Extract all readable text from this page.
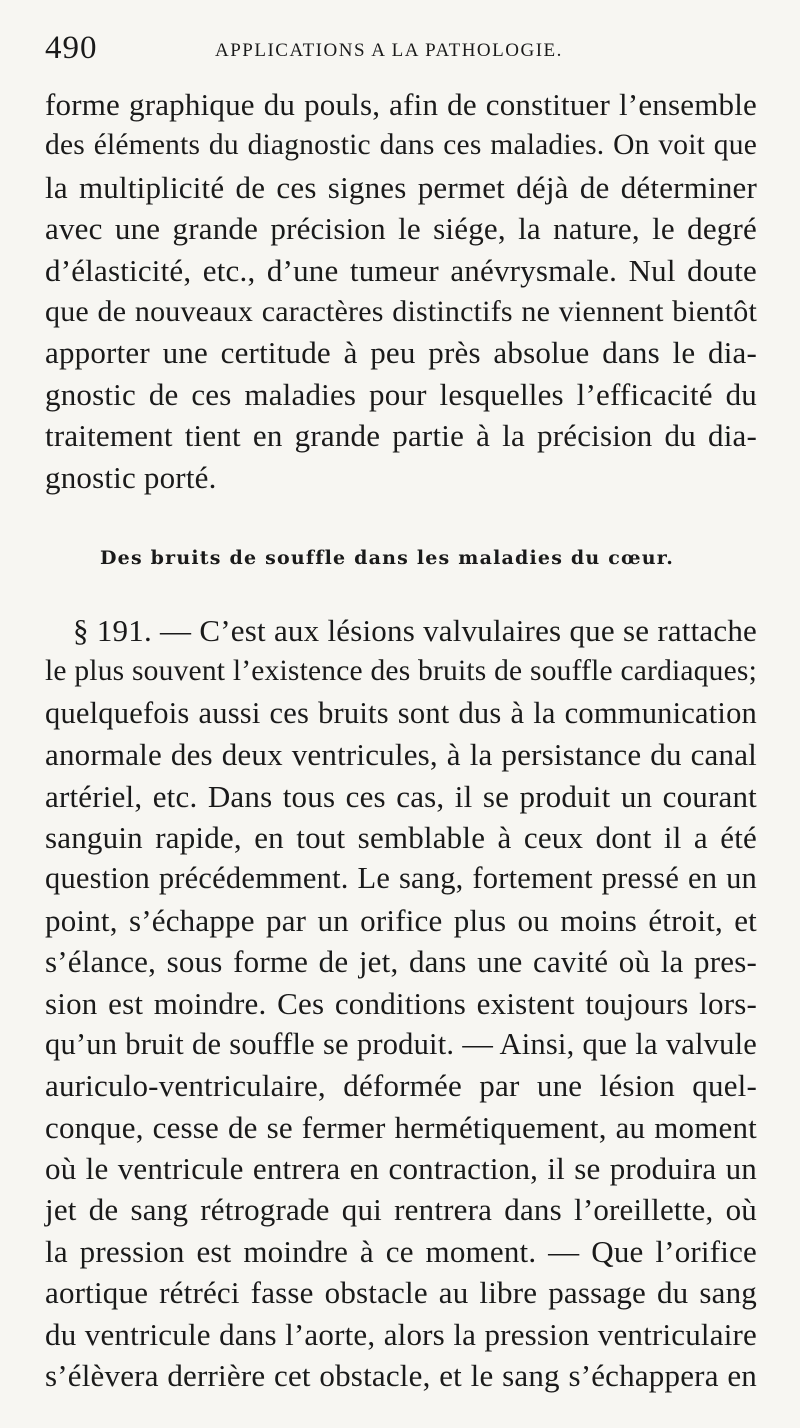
490	APPLICATIONS A LA PATHOLOGIE.
forme graphique du pouls, afin de constituer l’ensemble
des éléments du diagnostic dans ces maladies. On voit que
la multiplicité de ces signes permet déjà de déterminer
avec une grande précision le siége, la nature, le degré
d’élasticité, etc., d’une tumeur anévrysmale. Nul doute
que de nouveaux caractères distinctifs ne viennent bientôt
apporter une certitude à peu près absolue dans le dia-
gnostic de ces maladies pour lesquelles l’efficacité du
traitement tient en grande partie à la précision du dia-
gnostic porté.
Des bruits de souffle dans les maladies du cœur.
§ 191. — C’est aux lésions valvulaires que se rattache
le plus souvent l’existence des bruits de souffle cardiaques;
quelquefois aussi ces bruits sont dus à la communication
anormale des deux ventricules, à la persistance du canal
artériel, etc. Dans tous ces cas, il se produit un courant
sanguin rapide, en tout semblable à ceux dont il a été
question précédemment. Le sang, fortement pressé en un
point, s’échappe par un orifice plus ou moins étroit, et
s’élance, sous forme de jet, dans une cavité où la pres-
sion est moindre. Ces conditions existent toujours lors-
qu’un bruit de souffle se produit. — Ainsi, que la valvule
auriculo-ventriculaire, déformée par une lésion quel-
conque, cesse de se fermer hermétiquement, au moment
où le ventricule entrera en contraction, il se produira un
jet de sang rétrograde qui rentrera dans l’oreillette, où
la pression est moindre à ce moment. — Que l’orifice
aortique rétréci fasse obstacle au libre passage du sang
du ventricule dans l’aorte, alors la pression ventriculaire
s’élèvera derrière cet obstacle, et le sang s’échappera en
